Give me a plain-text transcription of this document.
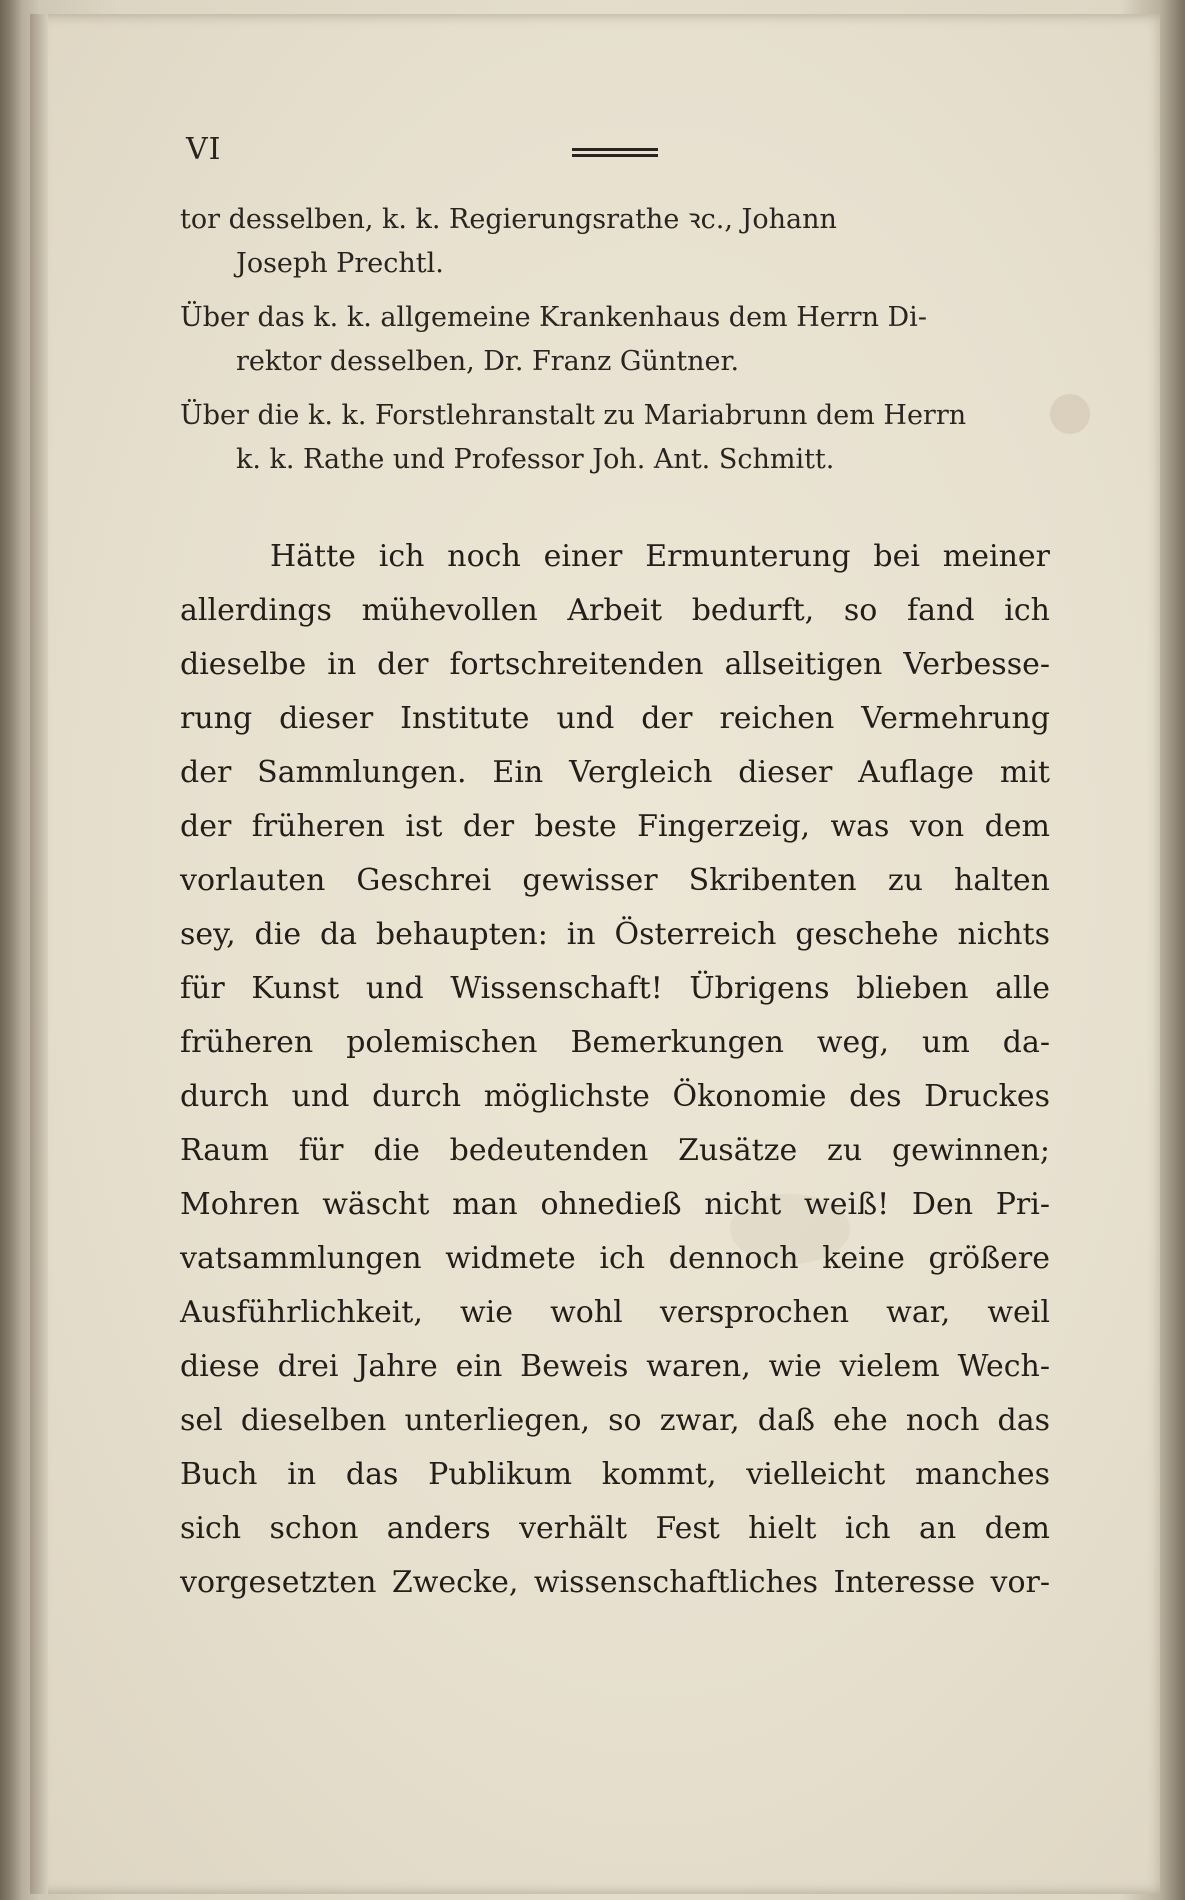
VI
tor desselben, k. k. Regierungsrathe ꝛc., Johann
Joseph Prechtl.
Über das k. k. allgemeine Krankenhaus dem Herrn Di-
rektor desselben, Dr. Franz Güntner.
Über die k. k. Forstlehranstalt zu Mariabrunn dem Herrn
k. k. Rathe und Professor Joh. Ant. Schmitt.
Hätte ich noch einer Ermunterung bei meiner
allerdings mühevollen Arbeit bedurft, so fand ich
dieselbe in der fortschreitenden allseitigen Verbesse-
rung dieser Institute und der reichen Vermehrung
der Sammlungen. Ein Vergleich dieser Auflage mit
der früheren ist der beste Fingerzeig, was von dem
vorlauten Geschrei gewisser Skribenten zu halten
sey, die da behaupten: in Österreich geschehe nichts
für Kunst und Wissenschaft! Übrigens blieben alle
früheren polemischen Bemerkungen weg, um da-
durch und durch möglichste Ökonomie des Druckes
Raum für die bedeutenden Zusätze zu gewinnen;
Mohren wäscht man ohnedieß nicht weiß! Den Pri-
vatsammlungen widmete ich dennoch keine größere
Ausführlichkeit, wie wohl versprochen war, weil
diese drei Jahre ein Beweis waren, wie vielem Wech-
sel dieselben unterliegen, so zwar, daß ehe noch das
Buch in das Publikum kommt, vielleicht manches
sich schon anders verhält Fest hielt ich an dem
vorgesetzten Zwecke, wissenschaftliches Interesse vor-
